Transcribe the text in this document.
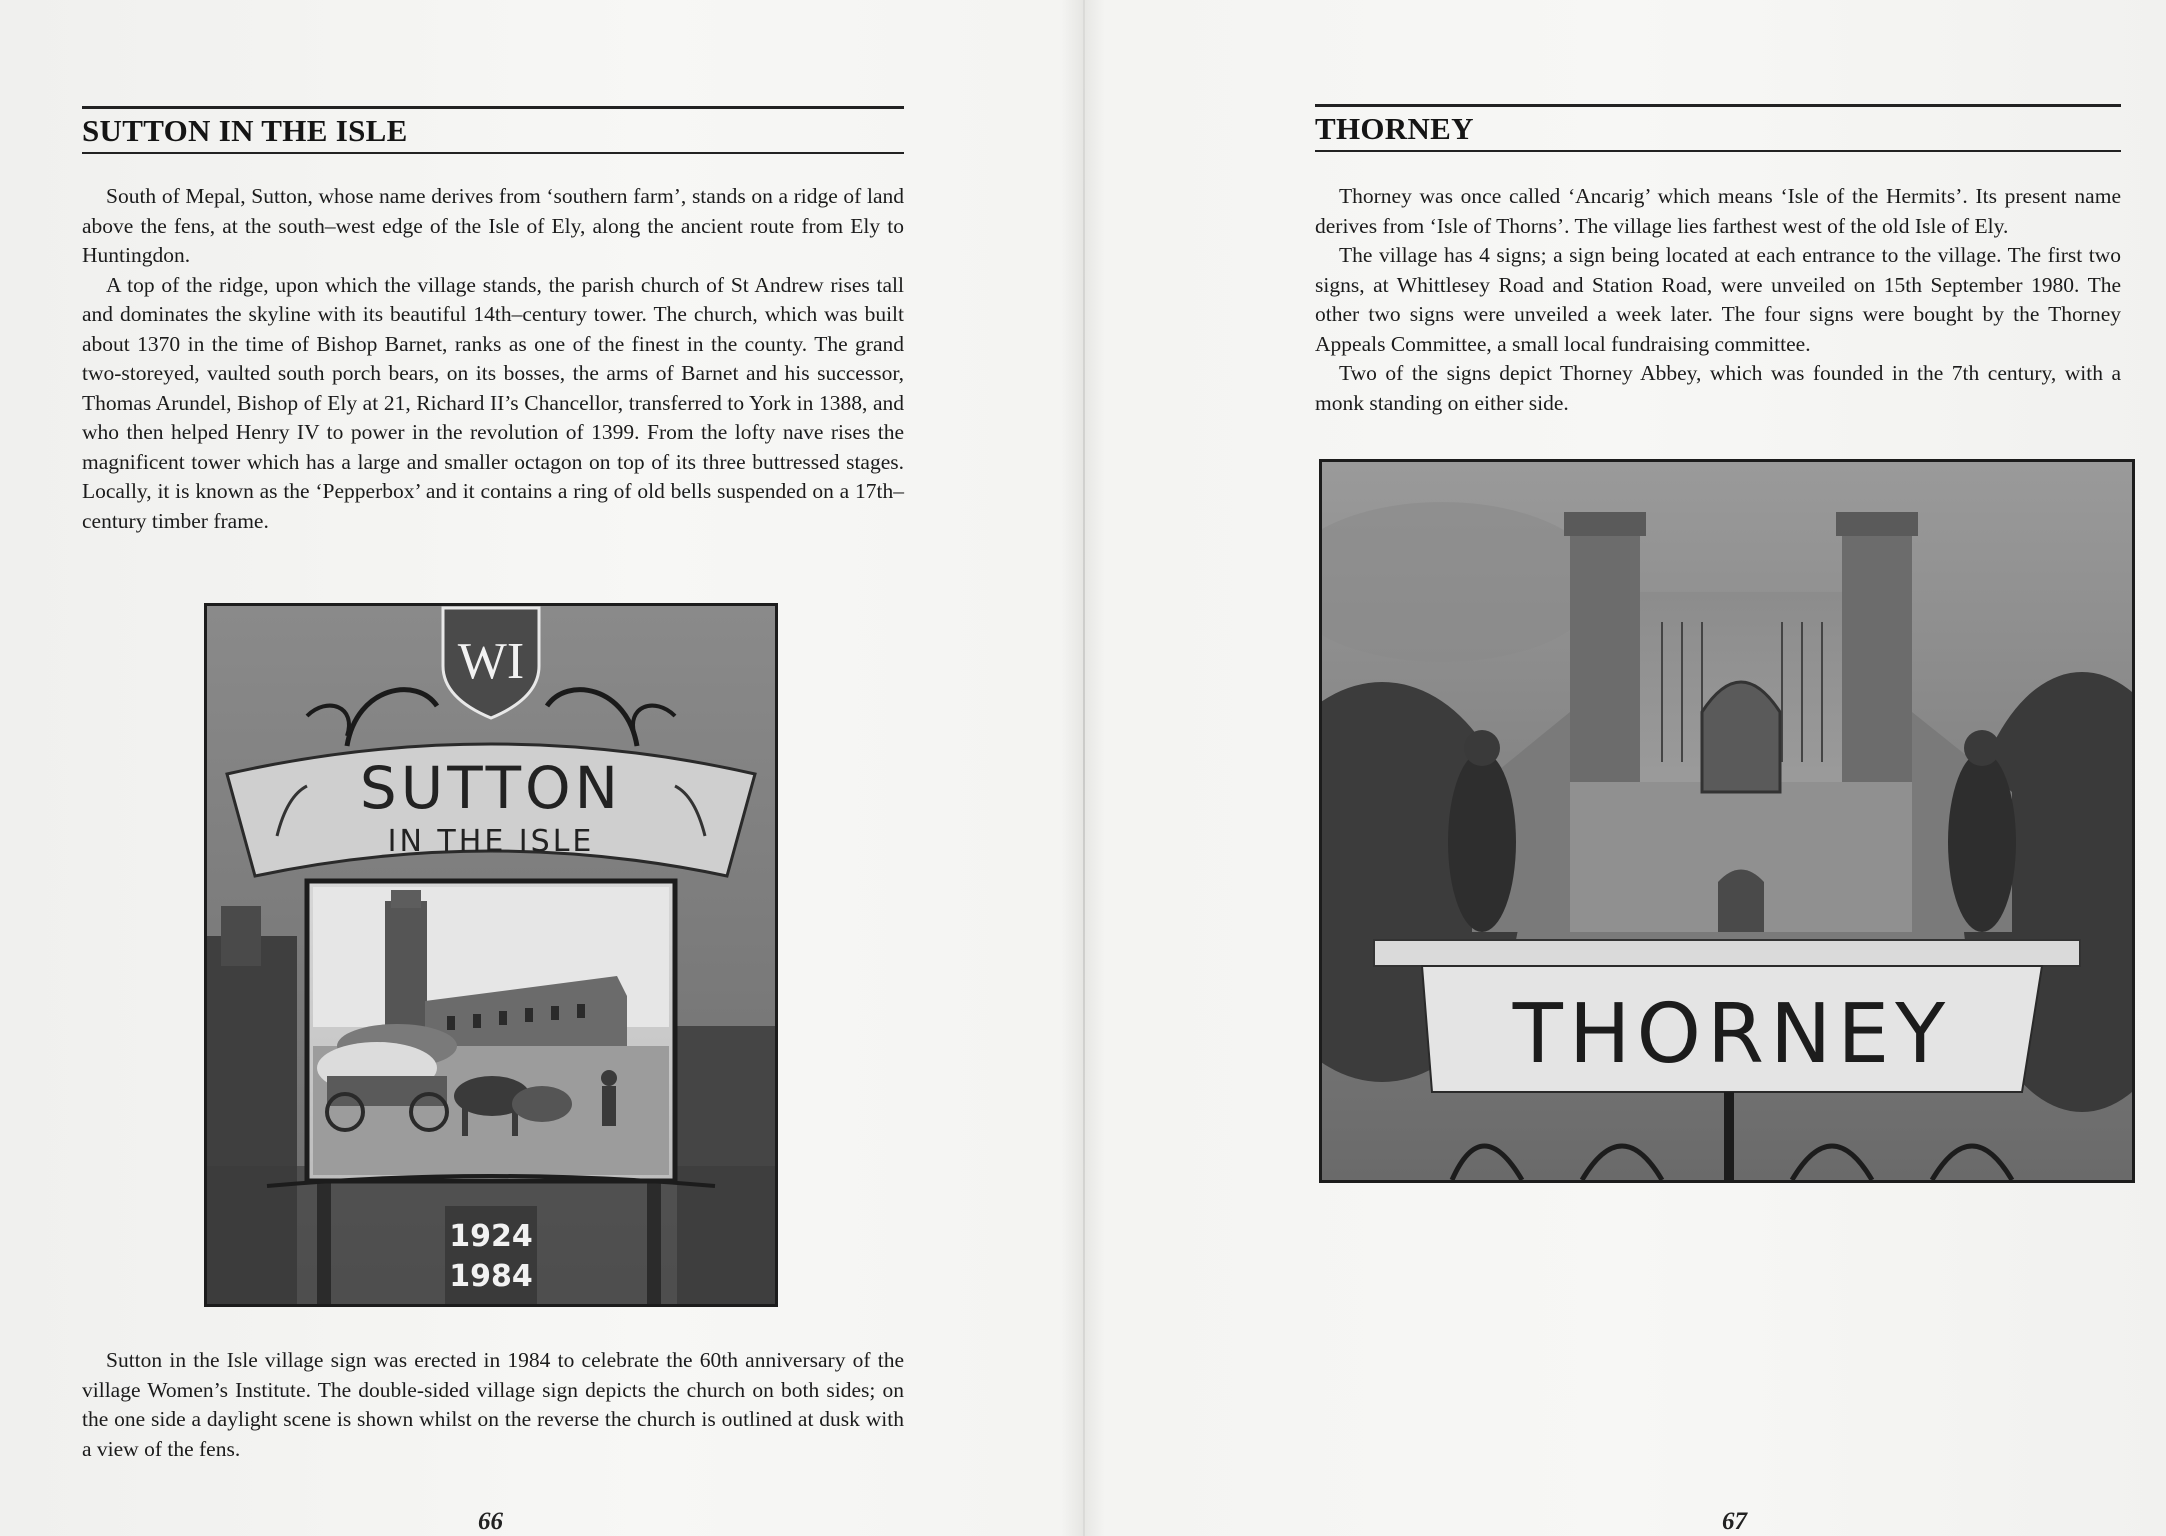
SUTTON IN THE ISLE

South of Mepal, Sutton, whose name derives from ‘southern farm’, stands on a ridge of land above the fens, at the south–west edge of the Isle of Ely, along the ancient route from Ely to Huntingdon.

A top of the ridge, upon which the village stands, the parish church of St Andrew rises tall and dominates the skyline with its beautiful 14th–century tower. The church, which was built about 1370 in the time of Bishop Barnet, ranks as one of the finest in the county. The grand two-storeyed, vaulted south porch bears, on its bosses, the arms of Barnet and his successor, Thomas Arundel, Bishop of Ely at 21, Richard II’s Chancellor, transferred to York in 1388, and who then helped Henry IV to power in the revolution of 1399. From the lofty nave rises the magnificent tower which has a large and smaller octagon on top of its three buttressed stages. Locally, it is known as the ‘Pepperbox’ and it contains a ring of old bells suspended on a 17th–century timber frame.

WI
SUTTON
IN THE ISLE
1924
1984

Sutton in the Isle village sign was erected in 1984 to celebrate the 60th anniversary of the village Women’s Institute. The double-sided village sign depicts the church on both sides; on the one side a daylight scene is shown whilst on the reverse the church is outlined at dusk with a view of the fens.

66
THORNEY

Thorney was once called ‘Ancarig’ which means ‘Isle of the Hermits’. Its present name derives from ‘Isle of Thorns’. The village lies farthest west of the old Isle of Ely.

The village has 4 signs; a sign being located at each entrance to the village. The first two signs, at Whittlesey Road and Station Road, were unveiled on 15th September 1980. The other two signs were unveiled a week later. The four signs were bought by the Thorney Appeals Committee, a small local fundraising committee.

Two of the signs depict Thorney Abbey, which was founded in the 7th century, with a monk standing on either side.

THORNEY
67
